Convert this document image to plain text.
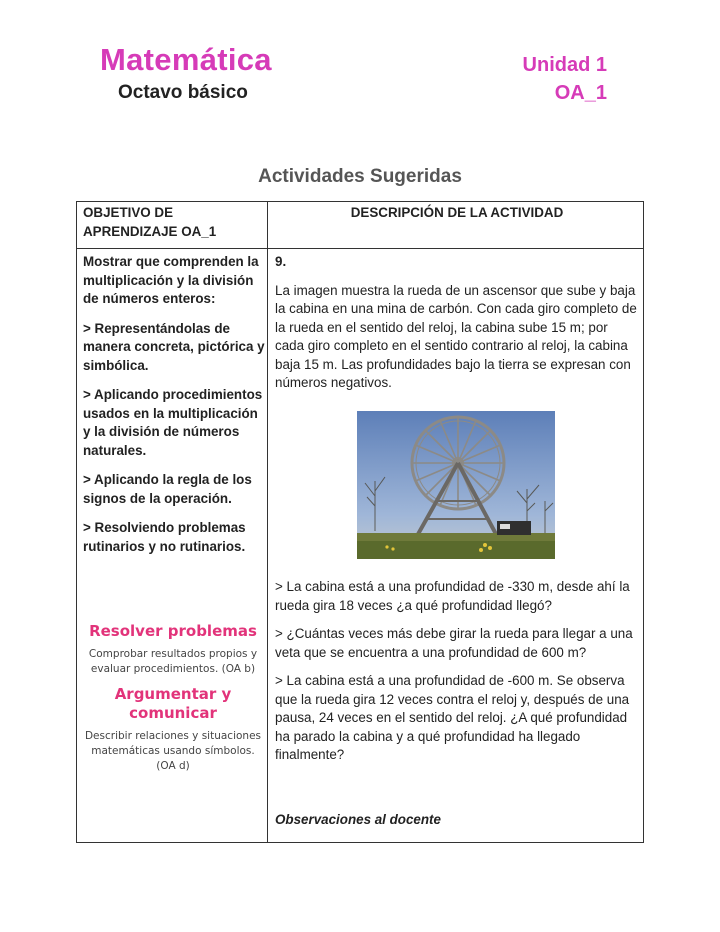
Matemática
Octavo básico
Unidad 1
OA_1
Actividades Sugeridas
OBJETIVO DE APRENDIZAJE OA_1
DESCRIPCIÓN DE LA ACTIVIDAD

Mostrar que comprenden la multiplicación y la división de números enteros:

> Representándolas de manera concreta, pictórica y simbólica.

> Aplicando procedimientos usados en la multiplicación y la división de números naturales.

> Aplicando la regla de los signos de la operación.

> Resolviendo problemas rutinarios y no rutinarios.

Resolver problemas
Comprobar resultados propios y evaluar procedimientos. (OA b)
Argumentar y comunicar
Describir relaciones y situaciones matemáticas usando símbolos. (OA d)

9.

La imagen muestra la rueda de un ascensor que sube y baja la cabina en una mina de carbón. Con cada giro completo de la rueda en el sentido del reloj, la cabina sube 15 m; por cada giro completo en el sentido contrario al reloj, la cabina baja 15 m. Las profundidades bajo la tierra se expresan con números negativos.

> La cabina está a una profundidad de -330 m, desde ahí la rueda gira 18 veces ¿a qué profundidad llegó?

> ¿Cuántas veces más debe girar la rueda para llegar a una veta que se encuentra a una profundidad de 600 m?

> La cabina está a una profundidad de -600 m. Se observa que la rueda gira 12 veces contra el reloj y, después de una pausa, 24 veces en el sentido del reloj. ¿A qué profundidad ha parado la cabina y a qué profundidad ha llegado finalmente?

Observaciones al docente
